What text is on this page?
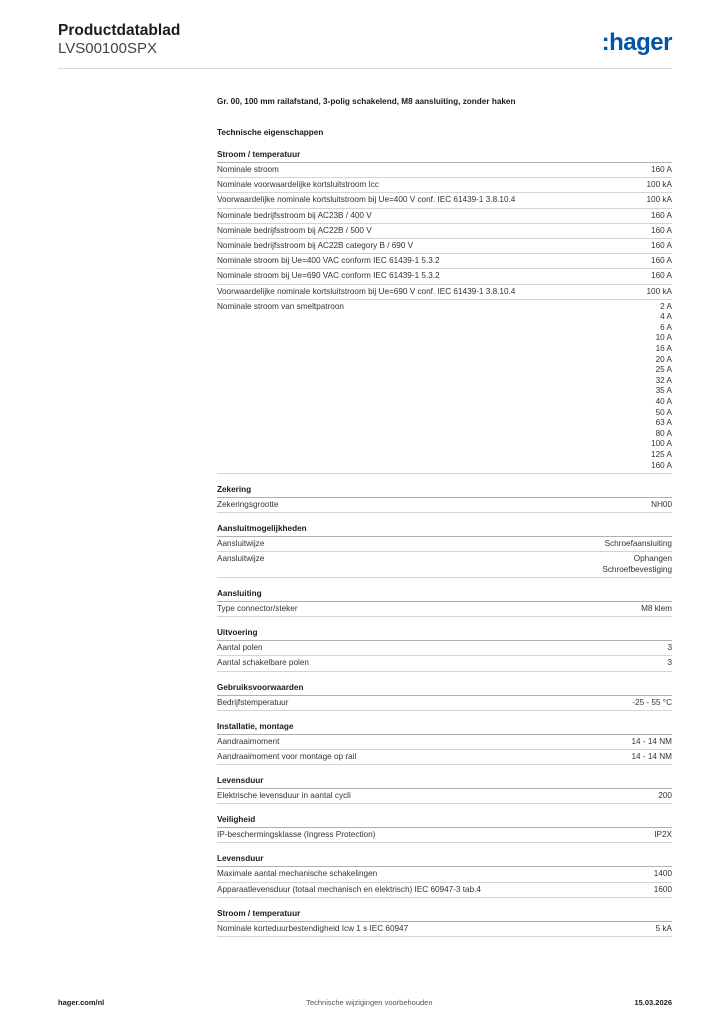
Productdatablad
LVS00100SPX	:hager
Gr. 00, 100 mm railafstand, 3-polig schakelend, M8 aansluiting, zonder haken
Technische eigenschappen
Stroom / temperatuur
Nominale stroom	160 A
Nominale voorwaardelijke kortsluitstroom Icc	100 kA
Voorwaardelijke nominale kortsluitstroom bij Ue=400 V conf. IEC 61439-1 3.8.10.4	100 kA
Nominale bedrijfsstroom bij AC23B / 400 V	160 A
Nominale bedrijfsstroom bij AC22B / 500 V	160 A
Nominale bedrijfsstroom bij AC22B category B / 690 V	160 A
Nominale stroom bij Ue=400 VAC conform IEC 61439-1 5.3.2	160 A
Nominale stroom bij Ue=690 VAC conform IEC 61439-1 5.3.2	160 A
Voorwaardelijke nominale kortsluitstroom bij Ue=690 V conf. IEC 61439-1 3.8.10.4	100 kA
Nominale stroom van smeltpatroon	2 A
4 A
6 A
10 A
16 A
20 A
25 A
32 A
35 A
40 A
50 A
63 A
80 A
100 A
125 A
160 A
Zekering
Zekeringsgrootte	NH00
Aansluitmogelijkheden
Aansluitwijze	Schroefaansluiting
Aansluitwijze	Ophangen
Schroefbevestiging
Aansluiting
Type connector/steker	M8 klem
Uitvoering
Aantal polen	3
Aantal schakelbare polen	3
Gebruiksvoorwaarden
Bedrijfstemperatuur	-25 - 55 °C
Installatie, montage
Aandraaimoment	14 - 14 NM
Aandraaimoment voor montage op rail	14 - 14 NM
Levensduur
Elektrische levensduur in aantal cycli	200
Veiligheid
IP-beschermingsklasse (Ingress Protection)	IP2X
Levensduur
Maximale aantal mechanische schakelingen	1400
Apparaatlevensduur (totaal mechanisch en elektrisch) IEC 60947-3 tab.4	1600
Stroom / temperatuur
Nominale korteduurbestendigheid Icw 1 s IEC 60947	5 kA
hager.com/nl	Technische wijzigingen voorbehouden	15.03.2026
